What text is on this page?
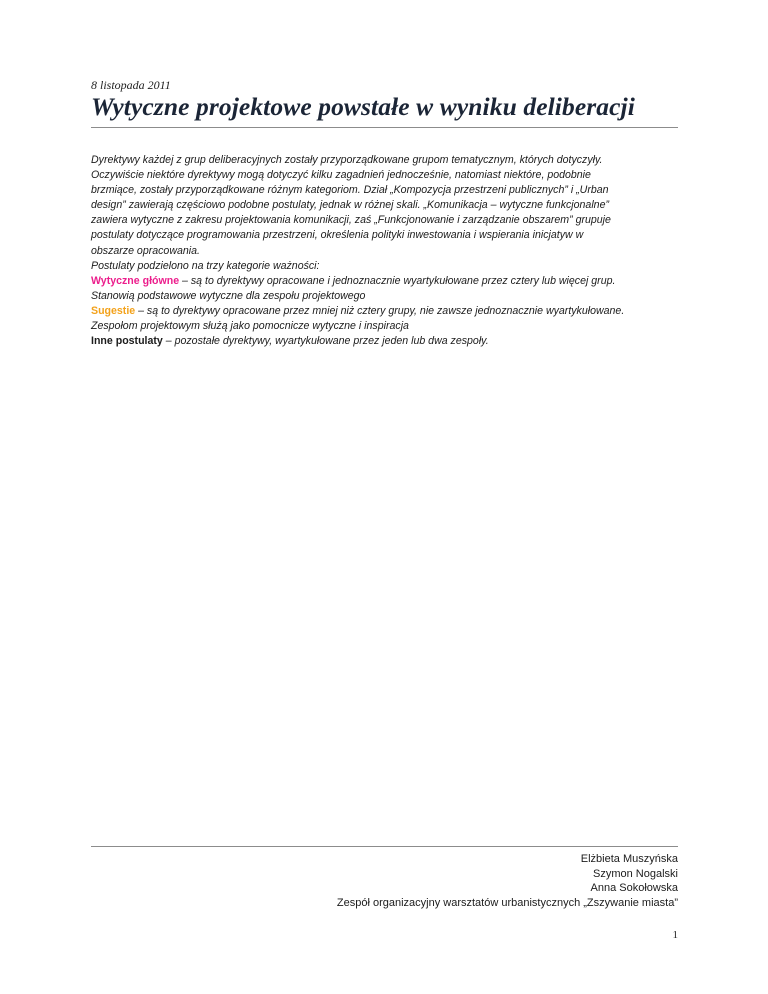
8 listopada 2011
Wytyczne projektowe powstałe w wyniku deliberacji

Dyrektywy każdej z grup deliberacyjnych zostały przyporządkowane grupom tematycznym, których dotyczyły.

Oczywiście niektóre dyrektywy mogą dotyczyć kilku zagadnień jednocześnie, natomiast niektóre, podobnie

brzmiące, zostały przyporządkowane różnym kategoriom. Dział „Kompozycja przestrzeni publicznych” i „Urban

design” zawierają częściowo podobne postulaty, jednak w różnej skali. „Komunikacja – wytyczne funkcjonalne”

zawiera wytyczne z zakresu projektowania komunikacji, zaś „Funkcjonowanie i zarządzanie obszarem” grupuje

postulaty dotyczące programowania przestrzeni, określenia polityki inwestowania i wspierania inicjatyw w

obszarze opracowania.

Postulaty podzielono na trzy kategorie ważności:

Wytyczne główne – są to dyrektywy opracowane i jednoznacznie wyartykułowane przez cztery lub więcej grup.

Stanowią podstawowe wytyczne dla zespołu projektowego

Sugestie – są to dyrektywy opracowane przez mniej niż cztery grupy, nie zawsze jednoznacznie wyartykułowane.

Zespołom projektowym służą jako pomocnicze wytyczne i inspiracja

Inne postulaty – pozostałe dyrektywy, wyartykułowane przez jeden lub dwa zespoły.

Elżbieta Muszyńska
Szymon Nogalski
Anna Sokołowska
Zespół organizacyjny warsztatów urbanistycznych „Zszywanie miasta”
1
